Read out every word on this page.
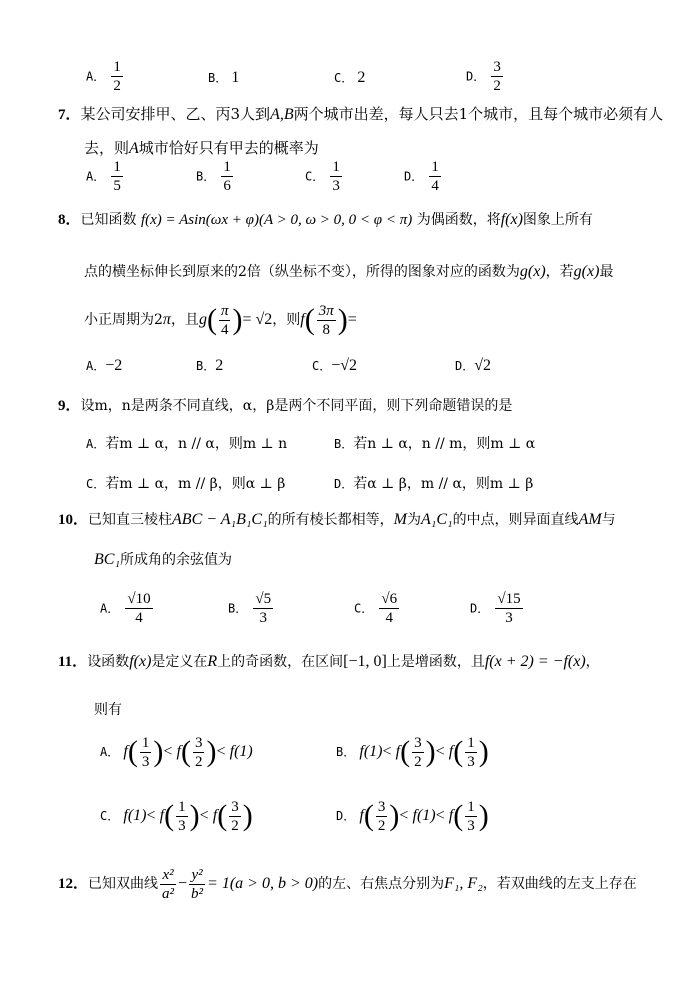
A． $\frac{1}{2}$	B． 1	C． 2	D． $\frac{3}{2}$
7．某公司安排甲、乙、丙3人到A,B两个城市出差，每人只去1个城市，且每个城市必须有人
去，则A城市恰好只有甲去的概率为
A． $\frac{1}{5}$	B． $\frac{1}{6}$	C． $\frac{1}{3}$	D． $\frac{1}{4}$
8．已知函数 f(x) = Asin(ωx + φ)(A > 0, ω > 0, 0 < φ < π) 为偶函数，将f(x)图象上所有
点的横坐标伸长到原来的2倍（纵坐标不变），所得的图象对应的函数为g(x)，若g(x)最
小正周期为2π，且$g( \frac{\pi}{4}$ )= √2，则$f( \frac{3\pi}{8}$ )=
A．−2	B．2	C．−√2	D．√2
9．设m，n是两条不同直线，α，β是两个不同平面，则下列命题错误的是
A．若m ⊥ α，n // α，则m ⊥ n	B．若n ⊥ α，n // m，则m ⊥ α
C．若m ⊥ α，m // β，则α ⊥ β	D．若α ⊥ β，m // α，则m ⊥ β
10．已知直三棱柱ABC − A₁B₁C₁的所有棱长都相等，M为A₁C₁的中点，则异面直线AM与
BC₁所成角的余弦值为
A． $\frac{√10}{4}$	B． $\frac{√5}{3}$	C． $\frac{√6}{4}$	D． $\frac{√15}{3}$
11．设函数f(x)是定义在R上的奇函数，在区间[−1, 0]上是增函数，且f(x + 2) = −f(x)，
则有
A． $f( \frac{1}{3}$ )< $f( \frac{3}{2}$ )< f(1)	B． $f(1)< f( \frac{3}{2}$ )< $f( \frac{1}{3}$ )
C． $f(1)< f( \frac{1}{3}$ )< $f( \frac{3}{2}$ )	D． $f( \frac{3}{2}$ )< $f(1)< f( \frac{1}{3}$ )
12．已知双曲线 $\frac{\text{x²}}{\text{a²}} - \frac{\text{y²}}{\text{b²}} = 1(a > 0$, b > 0)的左、右焦点分别为F₁, F₂，若双曲线的左支上存在
